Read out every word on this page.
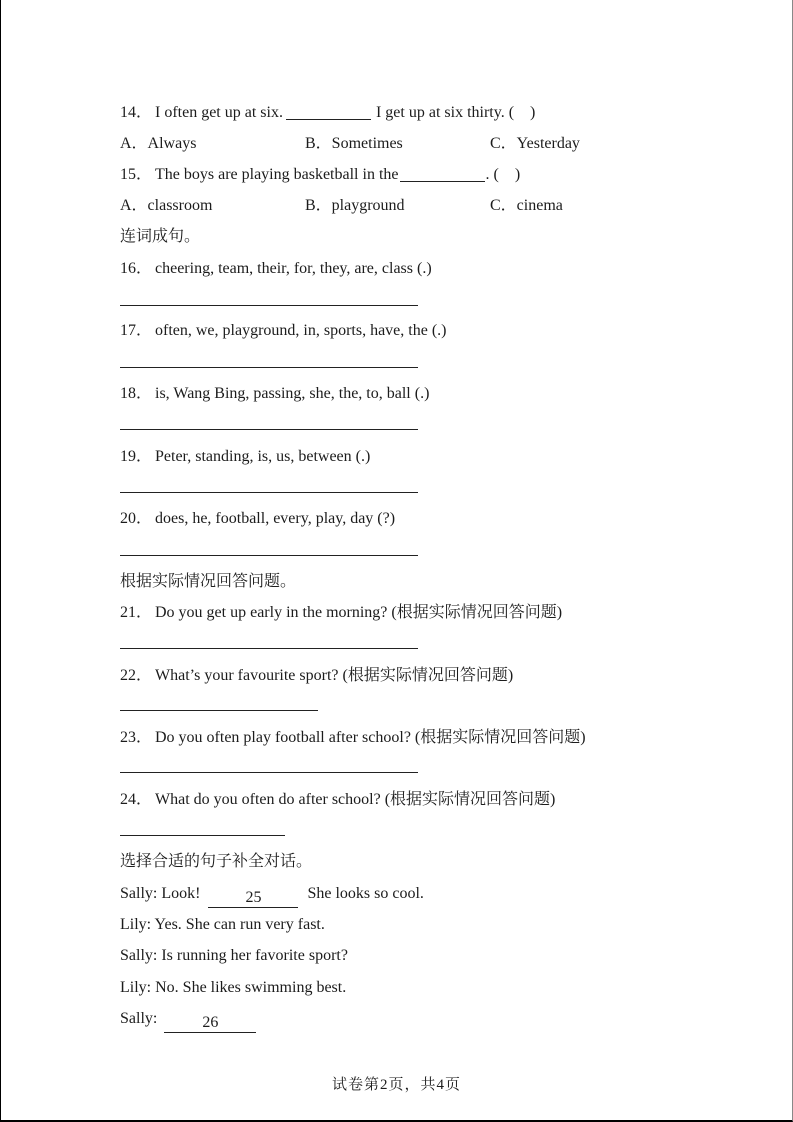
14． I often get up at six.	I get up at six thirty. (　)
A．Always	B．Sometimes	C．Yesterday
15． The boys are playing basketball in the	. (　)
A．classroom	B．playground	C．cinema
连词成句。
16． cheering, team, their, for, they, are, class (.)
17． often, we, playground, in, sports, have, the (.)
18． is, Wang Bing, passing, she, the, to, ball (.)
19． Peter, standing, is, us, between (.)
20． does, he, football, every, play, day (?)
根据实际情况回答问题。
21． Do you get up early in the morning? (根据实际情况回答问题)
22． What’s your favourite sport? (根据实际情况回答问题)
23． Do you often play football after school? (根据实际情况回答问题)
24． What do you often do after school? (根据实际情况回答问题)
选择合适的句子补全对话。
Sally: Look!	25	She looks so cool.
Lily: Yes. She can run very fast.
Sally: Is running her favorite sport?
Lily: No. She likes swimming best.
Sally:	26
试卷第2页，共4页
